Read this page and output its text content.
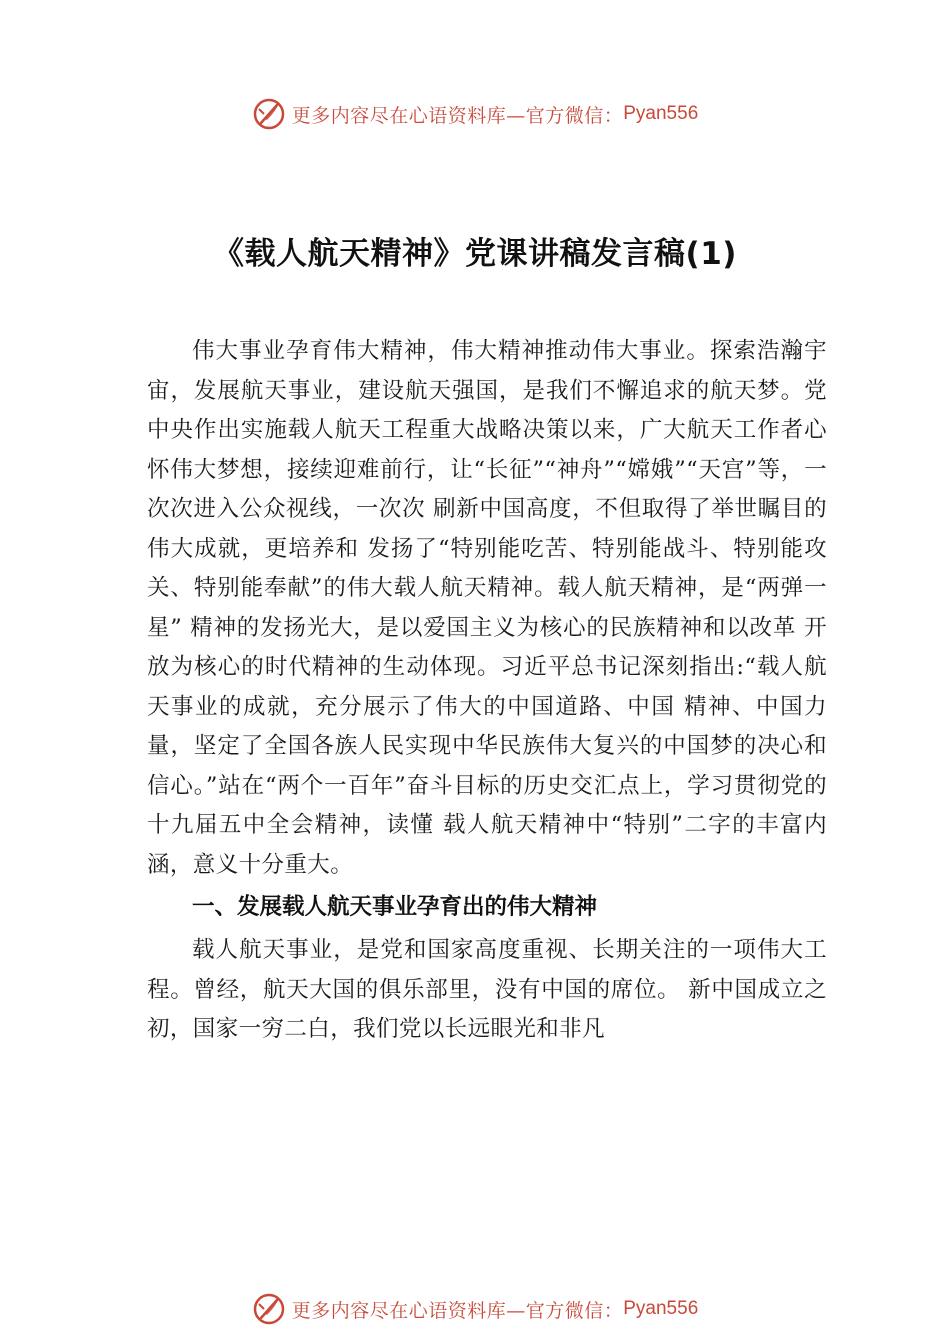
更多内容尽在心语资料库—官方微信： Pyan556
《载人航天精神》党课讲稿发言稿(1)

伟大事业孕育伟大精神，伟大精神推动伟大事业。探索浩瀚宇宙，发展航天事业，建设航天强国，是我们不懈追求的航天梦。党中央作出实施载人航天工程重大战略决策以来，广大航天工作者心怀伟大梦想，接续迎难前行，让“长征”“神舟”“嫦娥”“天宫”等，一次次进入公众视线，一次次 刷新中国高度，不但取得了举世瞩目的伟大成就，更培养和 发扬了“特别能吃苦、特别能战斗、特别能攻关、特别能奉献”的伟大载人航天精神。载人航天精神，是“两弹一星” 精神的发扬光大，是以爱国主义为核心的民族精神和以改革 开放为核心的时代精神的生动体现。习近平总书记深刻指出:“载人航天事业的成就，充分展示了伟大的中国道路、中国 精神、中国力量，坚定了全国各族人民实现中华民族伟大复兴的中国梦的决心和信心。”站在“两个一百年”奋斗目标的历史交汇点上，学习贯彻党的十九届五中全会精神，读懂 载人航天精神中“特别”二字的丰富内涵，意义十分重大。

一、发展载人航天事业孕育出的伟大精神

载人航天事业，是党和国家高度重视、长期关注的一项伟大工程。曾经，航天大国的俱乐部里，没有中国的席位。 新中国成立之初，国家一穷二白，我们党以长远眼光和非凡

更多内容尽在心语资料库—官方微信： Pyan556
